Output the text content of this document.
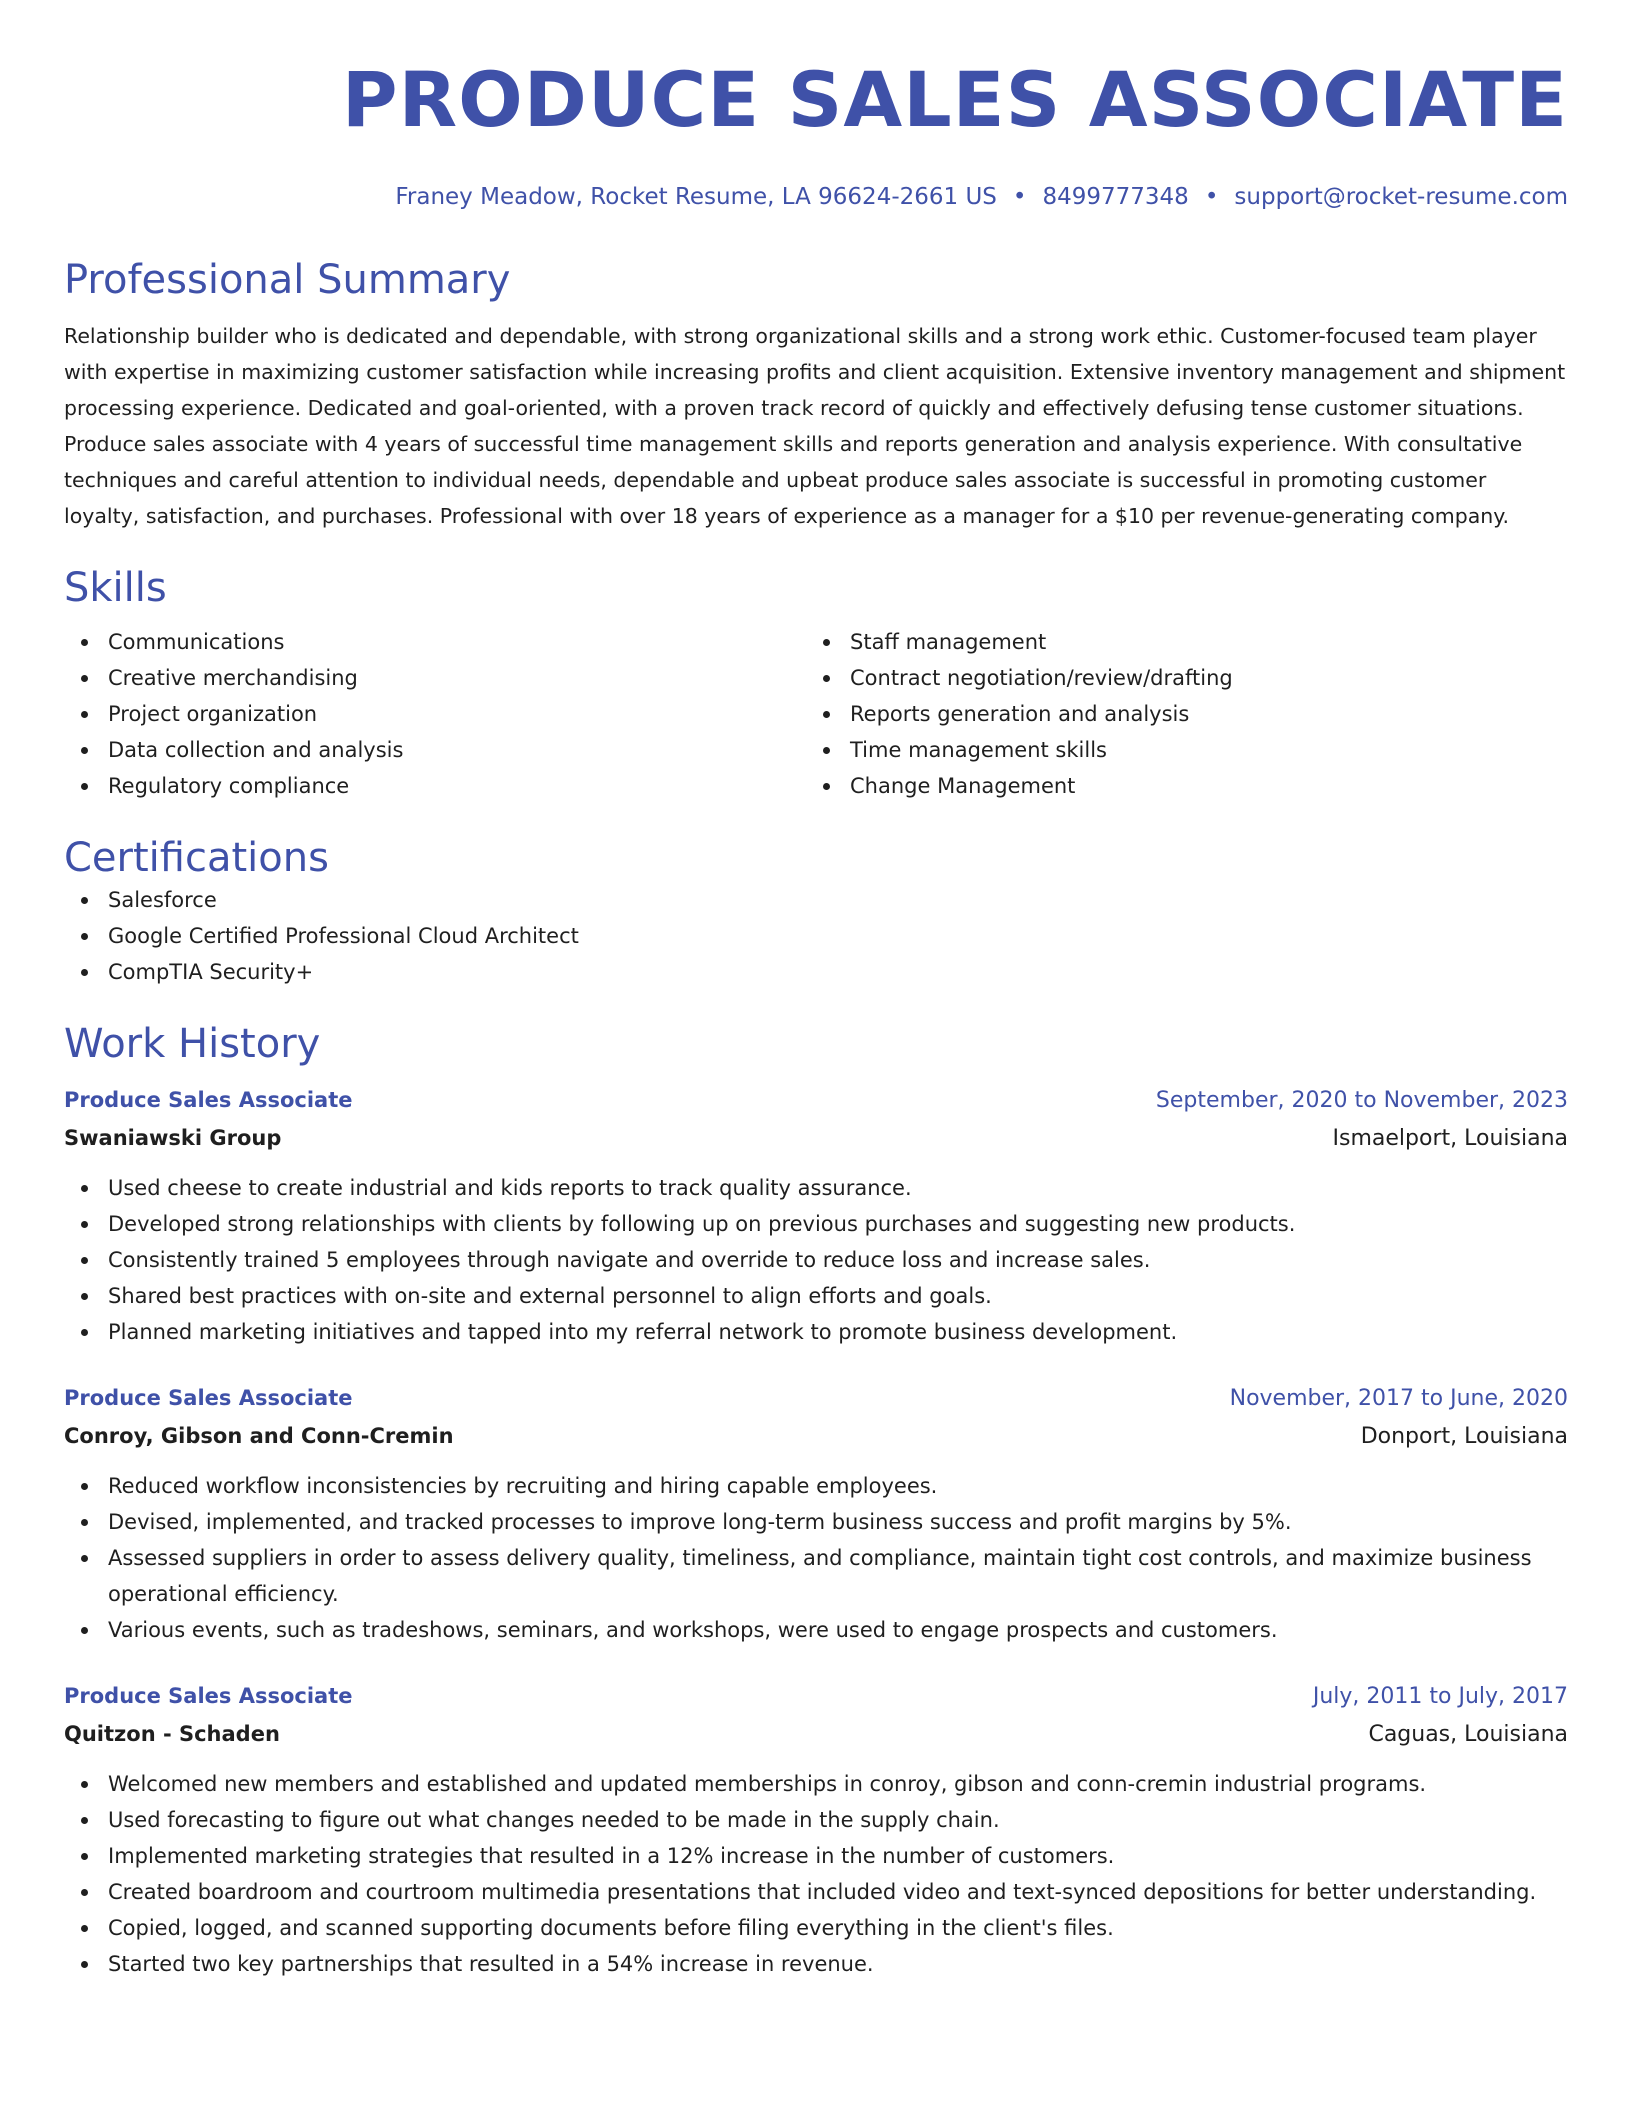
PRODUCE SALES ASSOCIATE
Franey Meadow, Rocket Resume, LA 96624-2661 US • 8499777348 • support@rocket-resume.com
Professional Summary

Relationship builder who is dedicated and dependable, with strong organizational skills and a strong work ethic. Customer-focused team player with expertise in maximizing customer satisfaction while increasing profits and client acquisition. Extensive inventory management and shipment processing experience. Dedicated and goal-oriented, with a proven track record of quickly and effectively defusing tense customer situations. Produce sales associate with 4 years of successful time management skills and reports generation and analysis experience. With consultative techniques and careful attention to individual needs, dependable and upbeat produce sales associate is successful in promoting customer loyalty, satisfaction, and purchases. Professional with over 18 years of experience as a manager for a $10 per revenue-generating company.

Skills
Communications
Creative merchandising
Project organization
Data collection and analysis
Regulatory compliance
Staff management
Contract negotiation/review/drafting
Reports generation and analysis
Time management skills
Change Management
Certifications
Salesforce
Google Certified Professional Cloud Architect
CompTIA Security+
Work History
Produce Sales Associate	September, 2020 to November, 2023
Swaniawski Group	Ismaelport, Louisiana
Used cheese to create industrial and kids reports to track quality assurance.
Developed strong relationships with clients by following up on previous purchases and suggesting new products.
Consistently trained 5 employees through navigate and override to reduce loss and increase sales.
Shared best practices with on-site and external personnel to align efforts and goals.
Planned marketing initiatives and tapped into my referral network to promote business development.
Produce Sales Associate	November, 2017 to June, 2020
Conroy, Gibson and Conn-Cremin	Donport, Louisiana
Reduced workflow inconsistencies by recruiting and hiring capable employees.
Devised, implemented, and tracked processes to improve long-term business success and profit margins by 5%.
Assessed suppliers in order to assess delivery quality, timeliness, and compliance, maintain tight cost controls, and maximize business operational efficiency.
Various events, such as tradeshows, seminars, and workshops, were used to engage prospects and customers.
Produce Sales Associate	July, 2011 to July, 2017
Quitzon - Schaden	Caguas, Louisiana
Welcomed new members and established and updated memberships in conroy, gibson and conn-cremin industrial programs.
Used forecasting to figure out what changes needed to be made in the supply chain.
Implemented marketing strategies that resulted in a 12% increase in the number of customers.
Created boardroom and courtroom multimedia presentations that included video and text-synced depositions for better understanding.
Copied, logged, and scanned supporting documents before filing everything in the client's files.
Started two key partnerships that resulted in a 54% increase in revenue.
